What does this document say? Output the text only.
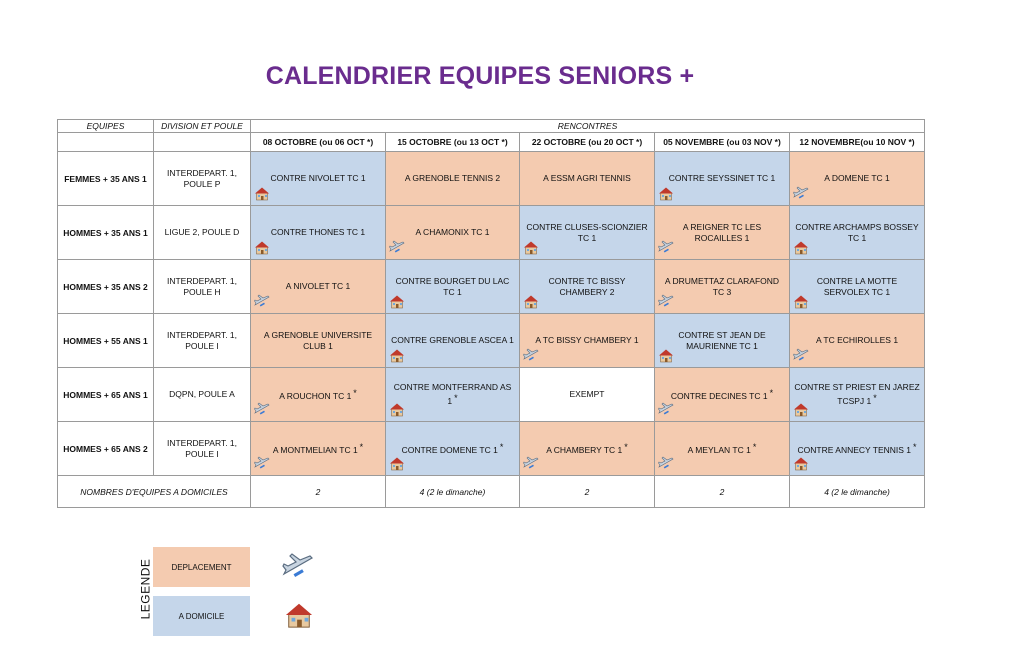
CALENDRIER EQUIPES SENIORS +
EQUIPES	DIVISION ET POULE	RENCONTRES				
		08 OCTOBRE (ou 06 OCT *)	15 OCTOBRE (ou 13 OCT *)	22 OCTOBRE (ou 20 OCT *)	05 NOVEMBRE (ou 03 NOV *)	12 NOVEMBRE(ou 10 NOV *)
FEMMES + 35 ANS 1	INTERDEPART. 1, POULE P	CONTRE NIVOLET TC 1	A GRENOBLE TENNIS 2	A ESSM AGRI TENNIS	CONTRE SEYSSINET TC 1	A DOMENE TC 1

HOMMES + 35 ANS 1	LIGUE 2, POULE D	CONTRE THONES TC 1	A CHAMONIX TC 1	CONTRE CLUSES-SCIONZIER TC 1	A REIGNER TC LES ROCAILLES 1	CONTRE ARCHAMPS BOSSEY TC 1

HOMMES + 35 ANS 2	INTERDEPART. 1, POULE H	A NIVOLET TC 1	CONTRE BOURGET DU LAC TC 1	CONTRE TC BISSY CHAMBERY 2	A DRUMETTAZ CLARAFOND TC 3	CONTRE LA MOTTE SERVOLEX TC 1

HOMMES + 55 ANS 1	INTERDEPART. 1, POULE I	A GRENOBLE UNIVERSITE CLUB 1	CONTRE GRENOBLE ASCEA 1	A TC BISSY CHAMBERY 1	CONTRE ST JEAN DE MAURIENNE TC 1	A TC ECHIROLLES 1

HOMMES + 65 ANS 1	DQPN, POULE A	A ROUCHON TC 1 *	CONTRE MONTFERRAND AS 1 *	EXEMPT	CONTRE DECINES TC 1 *	CONTRE ST PRIEST EN JAREZ TCSPJ 1 *

HOMMES + 65 ANS 2	INTERDEPART. 1, POULE I	A MONTMELIAN TC 1 *	CONTRE DOMENE TC 1 *	A CHAMBERY TC 1 *	A MEYLAN TC 1 *	CONTRE ANNECY TENNIS 1 *

NOMBRES D'EQUIPES A DOMICILES		2	4 (2 le dimanche)	2	2	4 (2 le dimanche)
LEGENDE DEPLACEMENT
A DOMICILE
